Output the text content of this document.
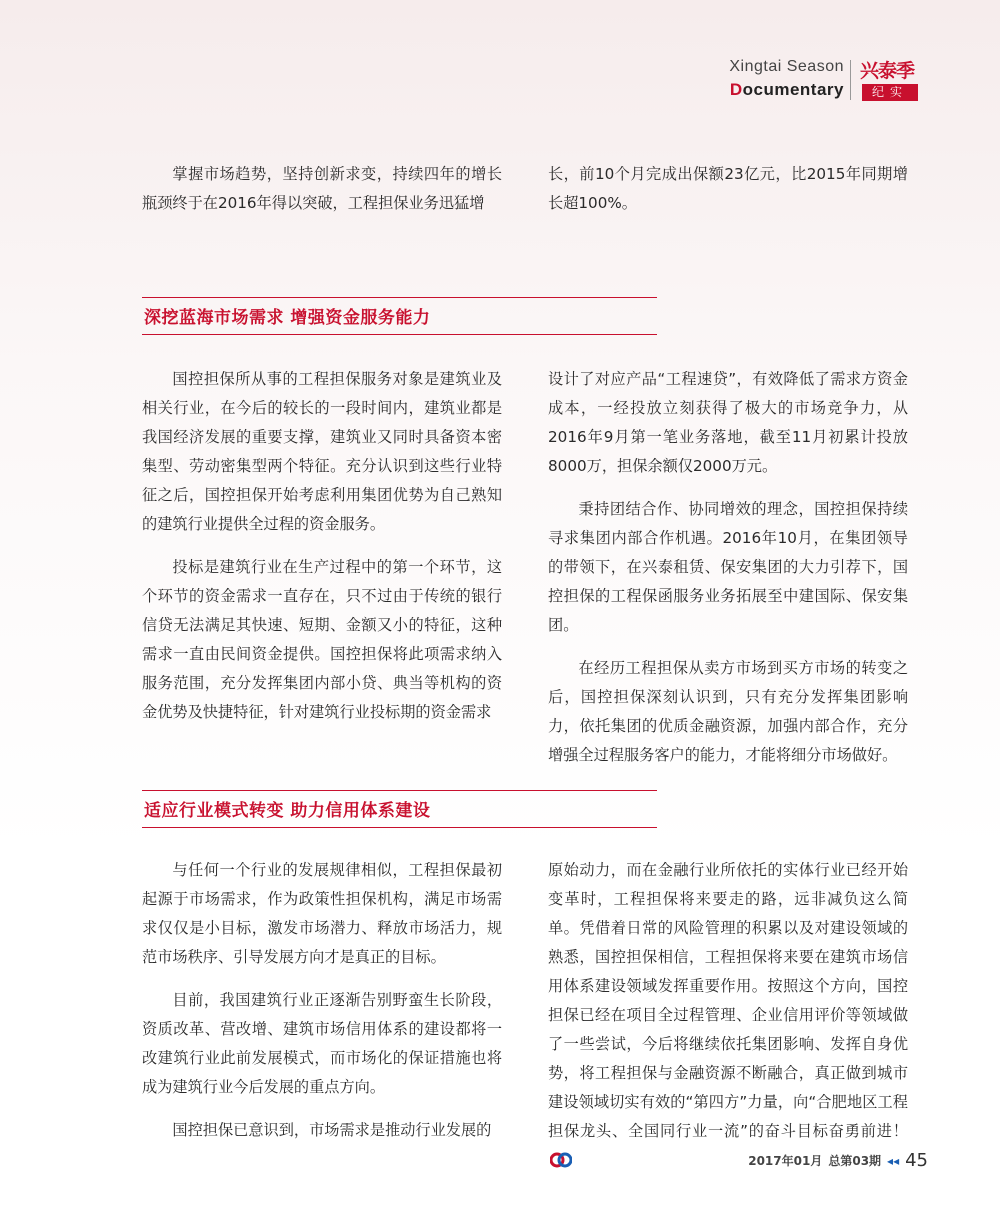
Xingtai Season
Documentary
兴泰季
纪实

掌握市场趋势，坚持创新求变，持续四年的增长瓶颈终于在2016年得以突破，工程担保业务迅猛增

长，前10个月完成出保额23亿元，比2015年同期增长超100%。

深挖蓝海市场需求 增强资金服务能力

国控担保所从事的工程担保服务对象是建筑业及相关行业，在今后的较长的一段时间内，建筑业都是我国经济发展的重要支撑，建筑业又同时具备资本密集型、劳动密集型两个特征。充分认识到这些行业特征之后，国控担保开始考虑利用集团优势为自己熟知的建筑行业提供全过程的资金服务。

投标是建筑行业在生产过程中的第一个环节，这个环节的资金需求一直存在，只不过由于传统的银行信贷无法满足其快速、短期、金额又小的特征，这种需求一直由民间资金提供。国控担保将此项需求纳入服务范围，充分发挥集团内部小贷、典当等机构的资金优势及快捷特征，针对建筑行业投标期的资金需求

设计了对应产品“工程速贷”，有效降低了需求方资金成本，一经投放立刻获得了极大的市场竞争力，从2016年9月第一笔业务落地，截至11月初累计投放8000万，担保余额仅2000万元。

秉持团结合作、协同增效的理念，国控担保持续寻求集团内部合作机遇。2016年10月，在集团领导的带领下，在兴泰租赁、保安集团的大力引荐下，国控担保的工程保函服务业务拓展至中建国际、保安集团。

在经历工程担保从卖方市场到买方市场的转变之后，国控担保深刻认识到，只有充分发挥集团影响力，依托集团的优质金融资源，加强内部合作，充分增强全过程服务客户的能力，才能将细分市场做好。

适应行业模式转变 助力信用体系建设

与任何一个行业的发展规律相似，工程担保最初起源于市场需求，作为政策性担保机构，满足市场需求仅仅是小目标，激发市场潜力、释放市场活力，规范市场秩序、引导发展方向才是真正的目标。

目前，我国建筑行业正逐渐告别野蛮生长阶段，资质改革、营改增、建筑市场信用体系的建设都将一改建筑行业此前发展模式，而市场化的保证措施也将成为建筑行业今后发展的重点方向。

国控担保已意识到，市场需求是推动行业发展的

原始动力，而在金融行业所依托的实体行业已经开始变革时，工程担保将来要走的路，远非减负这么简单。凭借着日常的风险管理的积累以及对建设领域的熟悉，国控担保相信，工程担保将来要在建筑市场信用体系建设领域发挥重要作用。按照这个方向，国控担保已经在项目全过程管理、企业信用评价等领域做了一些尝试，今后将继续依托集团影响、发挥自身优势，将工程担保与金融资源不断融合，真正做到城市建设领域切实有效的“第四方”力量，向“合肥地区工程担保龙头、全国同行业一流”的奋斗目标奋勇前进！

2017年01月 总第03期 ◂◂ 45
